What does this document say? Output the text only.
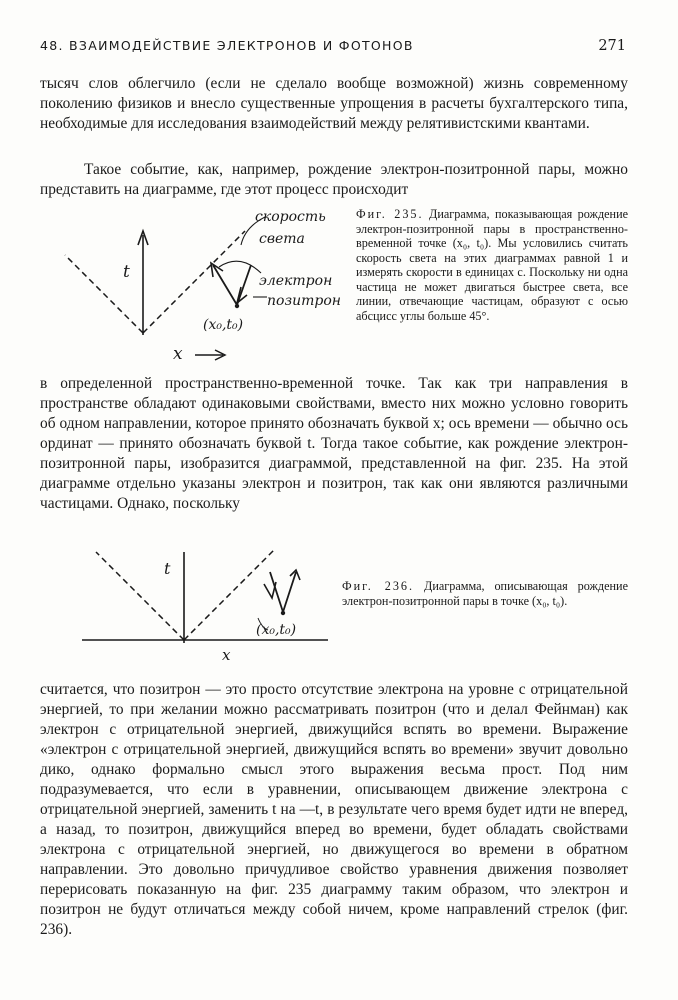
48. ВЗАИМОДЕЙСТВИЕ ЭЛЕКТРОНОВ И ФОТОНОВ	271

тысяч слов облегчило (если не сделало вообще возможной) жизнь современному поколению физиков и внесло существенные упрощения в расчеты бухгалтерского типа, необходимые для исследования взаимодействий между релятивистскими квантами.

Такое событие, как, например, рождение электрон-позитронной пары, можно представить на диаграмме, где этот процесс происходит

скорость
света
электрон
позитрон
t
x
(x₀,t₀)
Фиг. 235. Диаграмма, показывающая рождение электрон-позитронной пары в пространственно-временной точке (x₀, t₀). Мы условились считать скорость света на этих диаграммах равной 1 и измерять скорости в единицах c. Поскольку ни одна частица не может двигаться быстрее света, все линии, отвечающие частицам, образуют с осью абсцисс углы больше 45°.

в определенной пространственно-временной точке. Так как три направления в пространстве обладают одинаковыми свойствами, вместо них можно условно говорить об одном направлении, которое принято обозначать буквой x; ось времени — обычно ось ординат — принято обозначать буквой t. Тогда такое событие, как рождение электрон-позитронной пары, изобразится диаграммой, представленной на фиг. 235. На этой диаграмме отдельно указаны электрон и позитрон, так как они являются различными частицами. Однако, поскольку

t
x
(x₀,t₀)
Фиг. 236. Диаграмма, описывающая рождение электрон-позитронной пары в точке (x₀, t₀).

считается, что позитрон — это просто отсутствие электрона на уровне с отрицательной энергией, то при желании можно рассматривать позитрон (что и делал Фейнман) как электрон с отрицательной энергией, движущийся вспять во времени. Выражение «электрон с отрицательной энергией, движущийся вспять во времени» звучит довольно дико, однако формально смысл этого выражения весьма прост. Под ним подразумевается, что если в уравнении, описывающем движение электрона с отрицательной энергией, заменить t на —t, в результате чего время будет идти не вперед, а назад, то позитрон, движущийся вперед во времени, будет обладать свойствами электрона с отрицательной энергией, но движущегося во времени в обратном направлении. Это довольно причудливое свойство уравнения движения позволяет перерисовать показанную на фиг. 235 диаграмму таким образом, что электрон и позитрон не будут отличаться между собой ничем, кроме направлений стрелок (фиг. 236).
